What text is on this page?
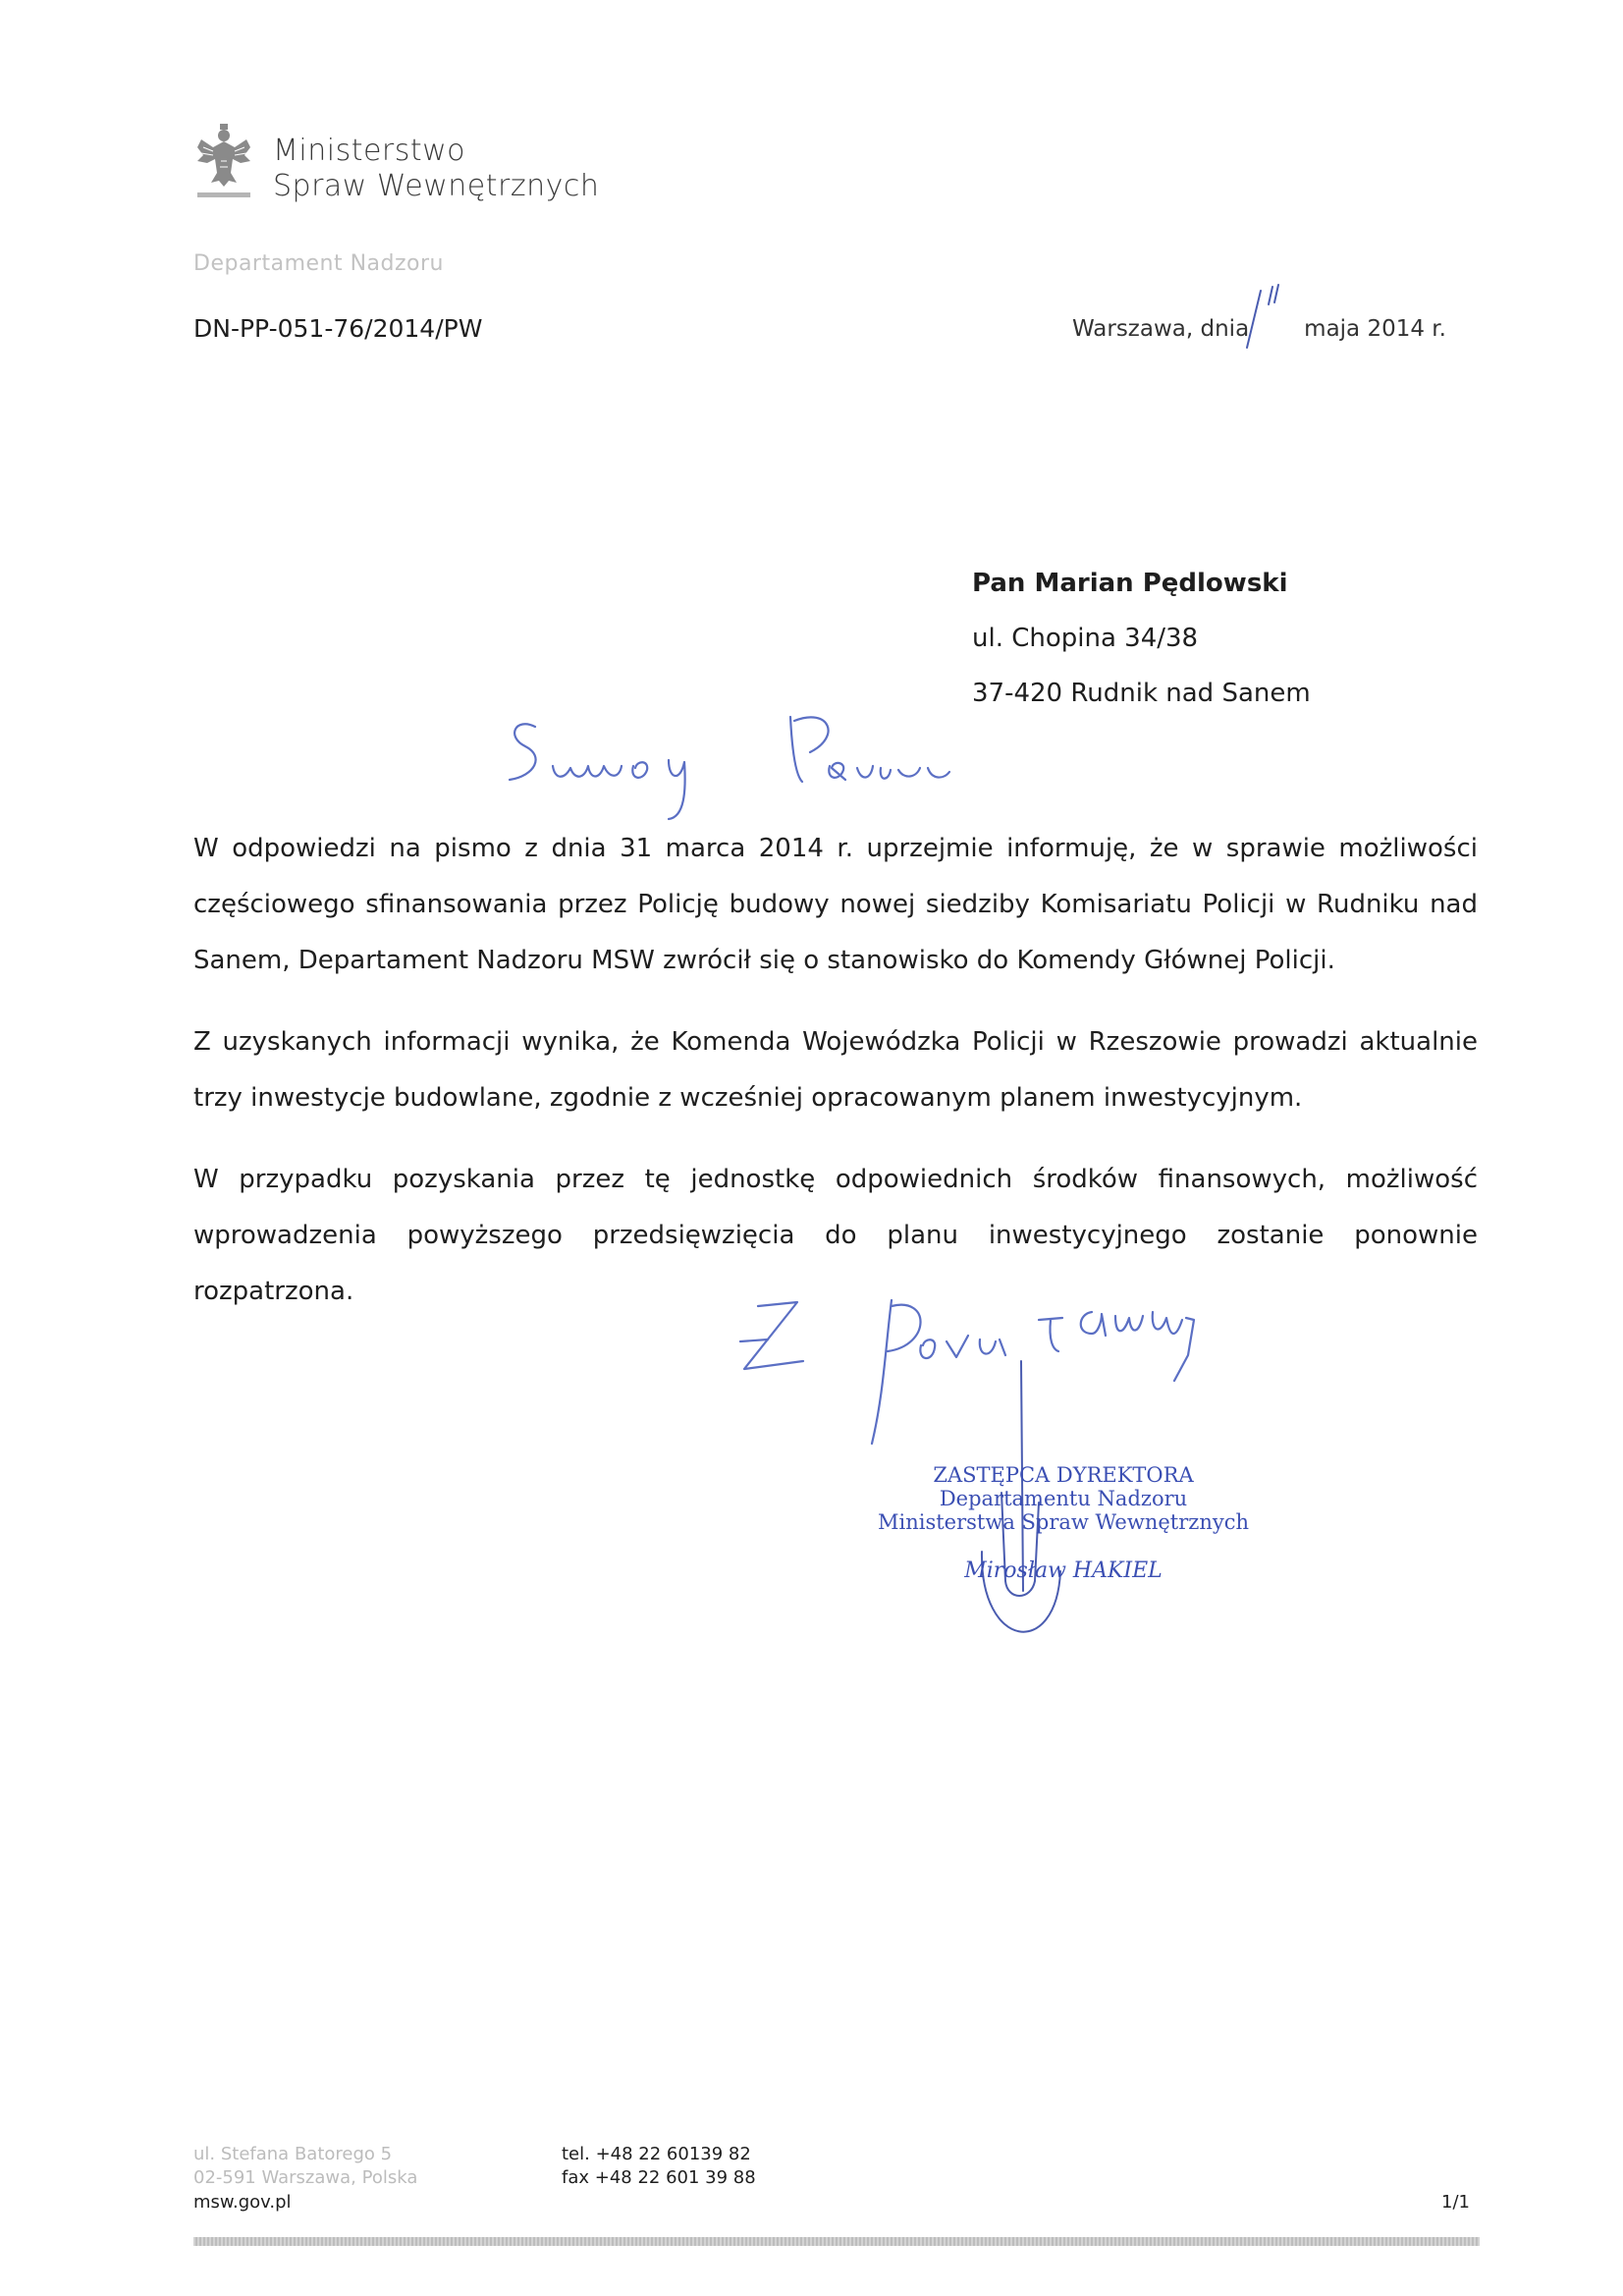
Ministerstwo
Spraw Wewnętrznych
Departament Nadzoru
DN-PP-051-76/2014/PW	Warszawa, dnia maja 2014 r.
Pan Marian Pędlowski
ul. Chopina 34/38
37-420 Rudnik nad Sanem

W odpowiedzi na pismo z dnia 31 marca 2014 r. uprzejmie informuję, że w sprawie możliwości częściowego sfinansowania przez Policję budowy nowej siedziby Komisariatu Policji w Rudniku nad Sanem, Departament Nadzoru MSW zwrócił się o stanowisko do Komendy Głównej Policji.

Z uzyskanych informacji wynika, że Komenda Wojewódzka Policji w Rzeszowie prowadzi aktualnie trzy inwestycje budowlane, zgodnie z wcześniej opracowanym planem inwestycyjnym.

W przypadku pozyskania przez tę jednostkę odpowiednich środków finansowych, możliwość wprowadzenia powyższego przedsięwzięcia do planu inwestycyjnego zostanie ponownie rozpatrzona.

ZASTĘPCA DYREKTORA
Departamentu Nadzoru
Ministerstwa Spraw Wewnętrznych
Mirosław HAKIEL
ul. Stefana Batorego 5
02-591 Warszawa, Polska
msw.gov.pl
tel. +48 22 60139 82
fax +48 22 601 39 88
1/1
